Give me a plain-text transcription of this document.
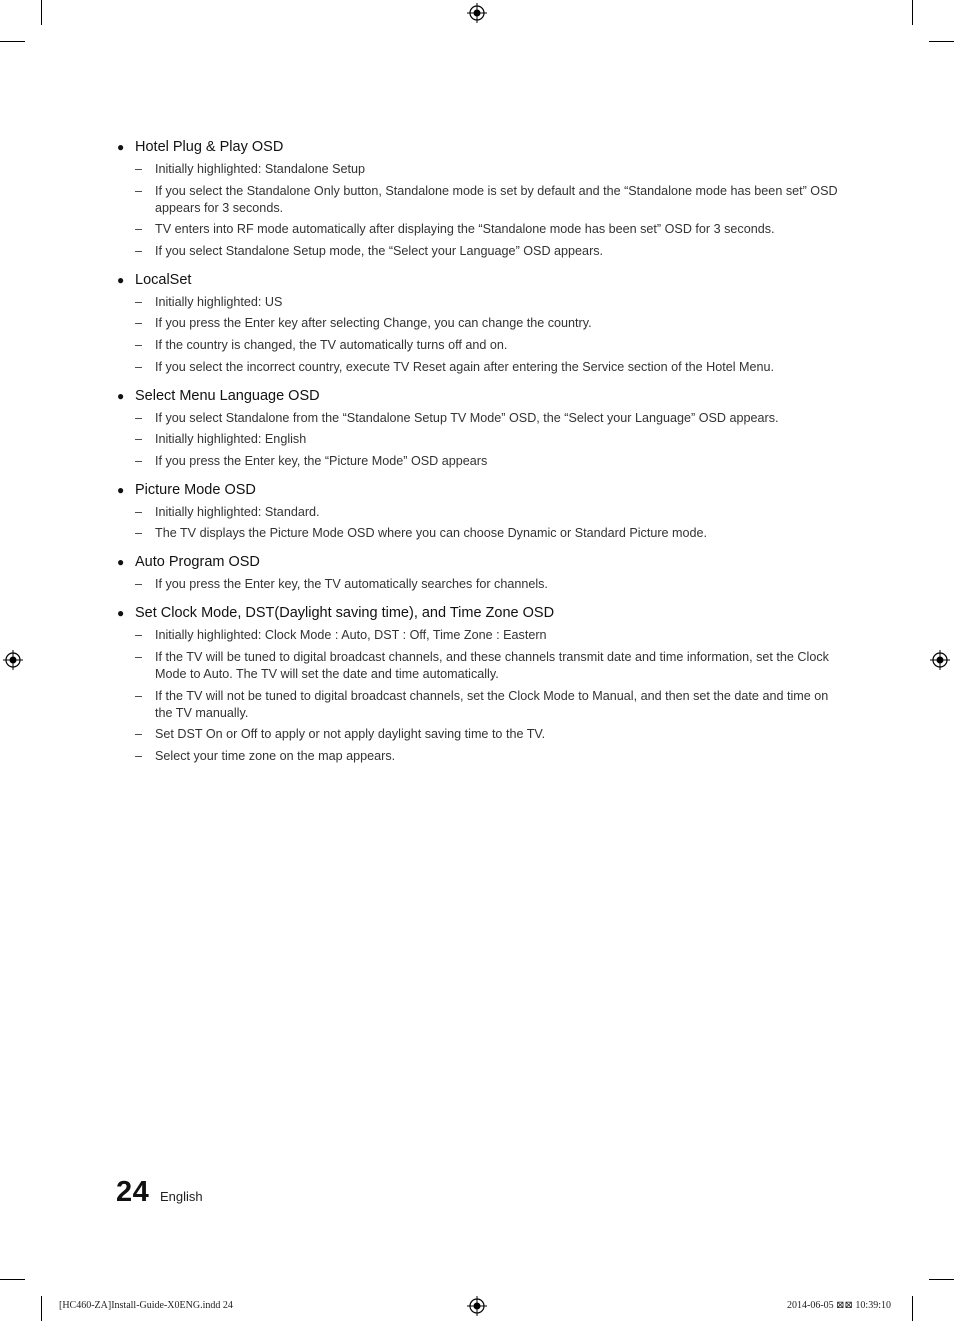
● Hotel Plug & Play OSD
–	Initially highlighted: Standalone Setup
–	If you select the Standalone Only button, Standalone mode is set by default and the “Standalone mode has been set” OSD appears for 3 seconds.
–	TV enters into RF mode automatically after displaying the “Standalone mode has been set” OSD for 3 seconds.
–	If you select Standalone Setup mode, the “Select your Language” OSD appears.
● LocalSet
–	Initially highlighted: US
–	If you press the Enter key after selecting Change, you can change the country.
–	If the country is changed, the TV automatically turns off and on.
–	If you select the incorrect country, execute TV Reset again after entering the Service section of the Hotel Menu.
● Select Menu Language OSD
–	If you select Standalone from the “Standalone Setup TV Mode” OSD, the “Select your Language” OSD appears.
–	Initially highlighted: English
–	If you press the Enter key, the “Picture Mode” OSD appears
● Picture Mode OSD
–	Initially highlighted: Standard.
–	The TV displays the Picture Mode OSD where you can choose Dynamic or Standard Picture mode.
● Auto Program OSD
–	If you press the Enter key, the TV automatically searches for channels.
● Set Clock Mode, DST(Daylight saving time), and Time Zone OSD
–	Initially highlighted: Clock Mode : Auto, DST : Off, Time Zone : Eastern
–	If the TV will be tuned to digital broadcast channels, and these channels transmit date and time information, set the Clock Mode to Auto. The TV will set the date and time automatically.
–	If the TV will not be tuned to digital broadcast channels, set the Clock Mode to Manual, and then set the date and time on the TV manually.
–	Set DST On or Off to apply or not apply daylight saving time to the TV.
–	Select your time zone on the map appears.
24 English
[HC460-ZA]Install-Guide-X0ENG.indd 24	2014-06-05 ⊠⊠ 10:39:10
